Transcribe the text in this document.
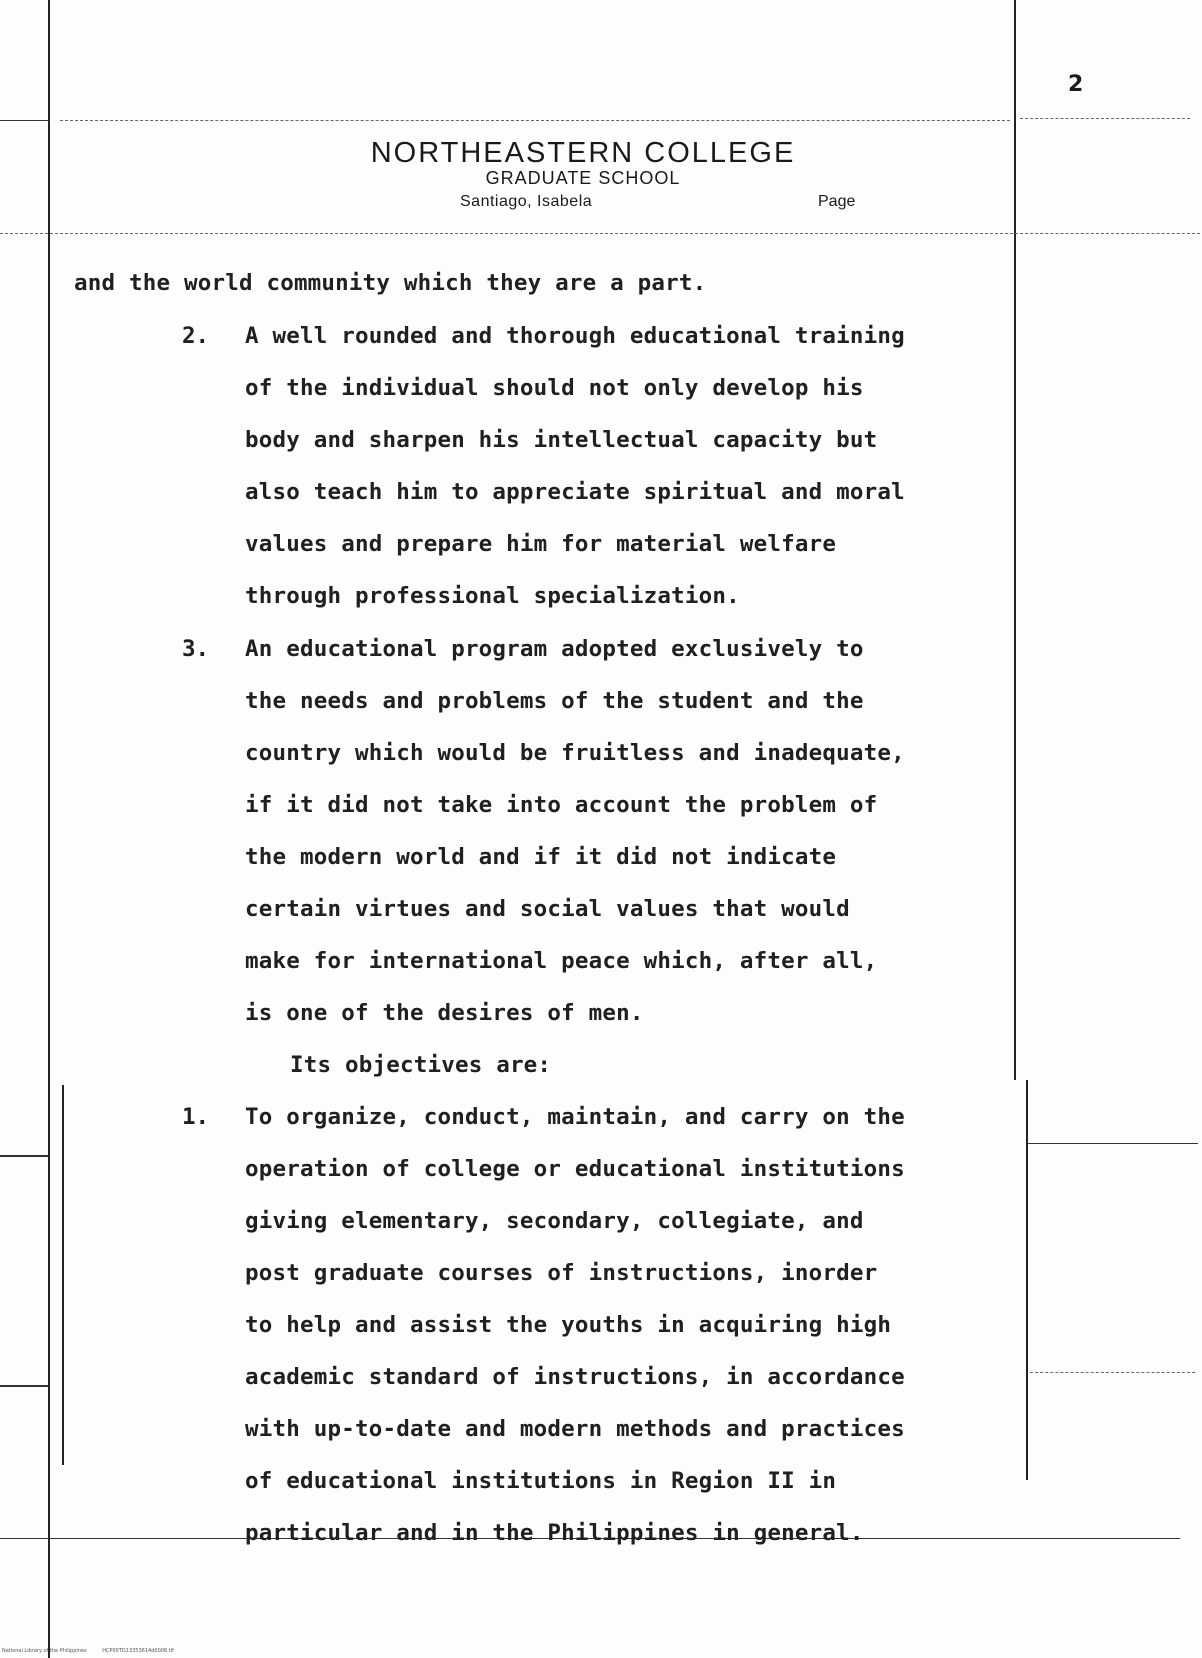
2
NORTHEASTERN COLLEGE
GRADUATE SCHOOL
Santiago, Isabela	Page
and the world community which they are a part.
2. A well rounded and thorough educational training
of the individual should not only develop his
body and sharpen his intellectual capacity but
also teach him to appreciate spiritual and moral
values and prepare him for material welfare
through professional specialization.
3. An educational program adopted exclusively to
the needs and problems of the student and the
country which would be fruitless and inadequate,
if it did not take into account the problem of
the modern world and if it did not indicate
certain virtues and social values that would
make for international peace which, after all,
is one of the desires of men.
Its objectives are:
1. To organize, conduct, maintain, and carry on the
operation of college or educational institutions
giving elementary, secondary, collegiate, and
post graduate courses of instructions, inorder
to help and assist the youths in acquiring high
academic standard of instructions, in accordance
with up-to-date and modern methods and practices
of educational institutions in Region II in
particular and in the Philippines in general.
National Library of the Philippines	HCP00TD13353614d0008.tif
